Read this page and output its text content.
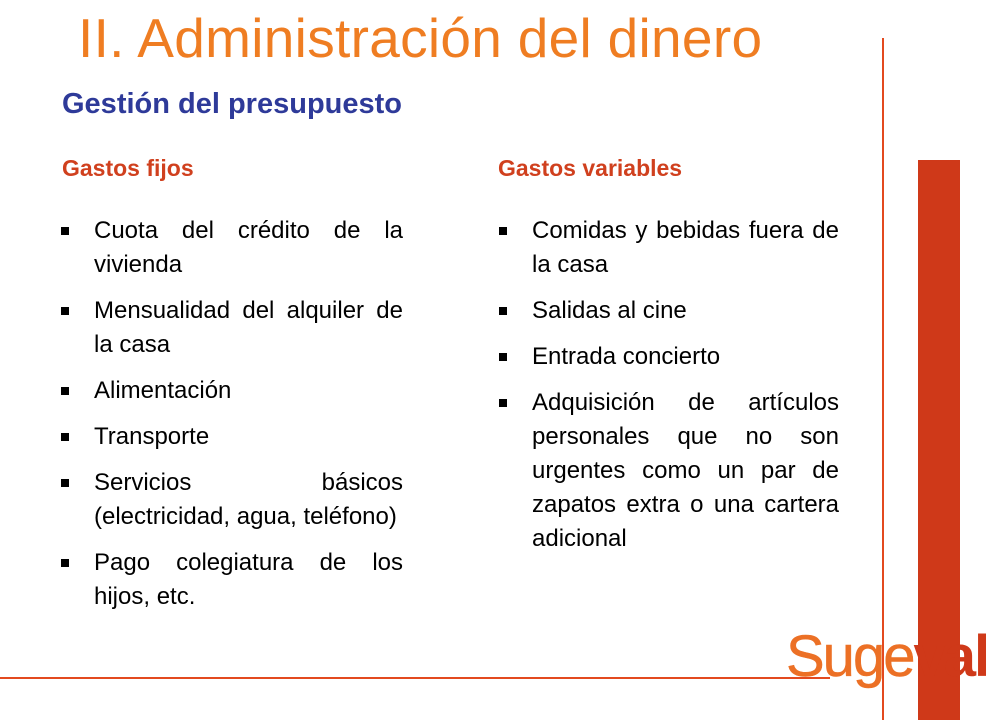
II. Administración del dinero
Gestión del presupuesto
Gastos fijos	Gastos variables
Cuota del crédito de la vivienda
Mensualidad del alquiler de la casa
Alimentación
Transporte
Servicios básicos (electricidad, agua, teléfono)
Pago colegiatura de los hijos, etc.
Comidas y bebidas fuera de la casa
Salidas al cine
Entrada concierto
Adquisición de artículos personales que no son urgentes como un par de zapatos extra o una cartera adicional
Sugeval
